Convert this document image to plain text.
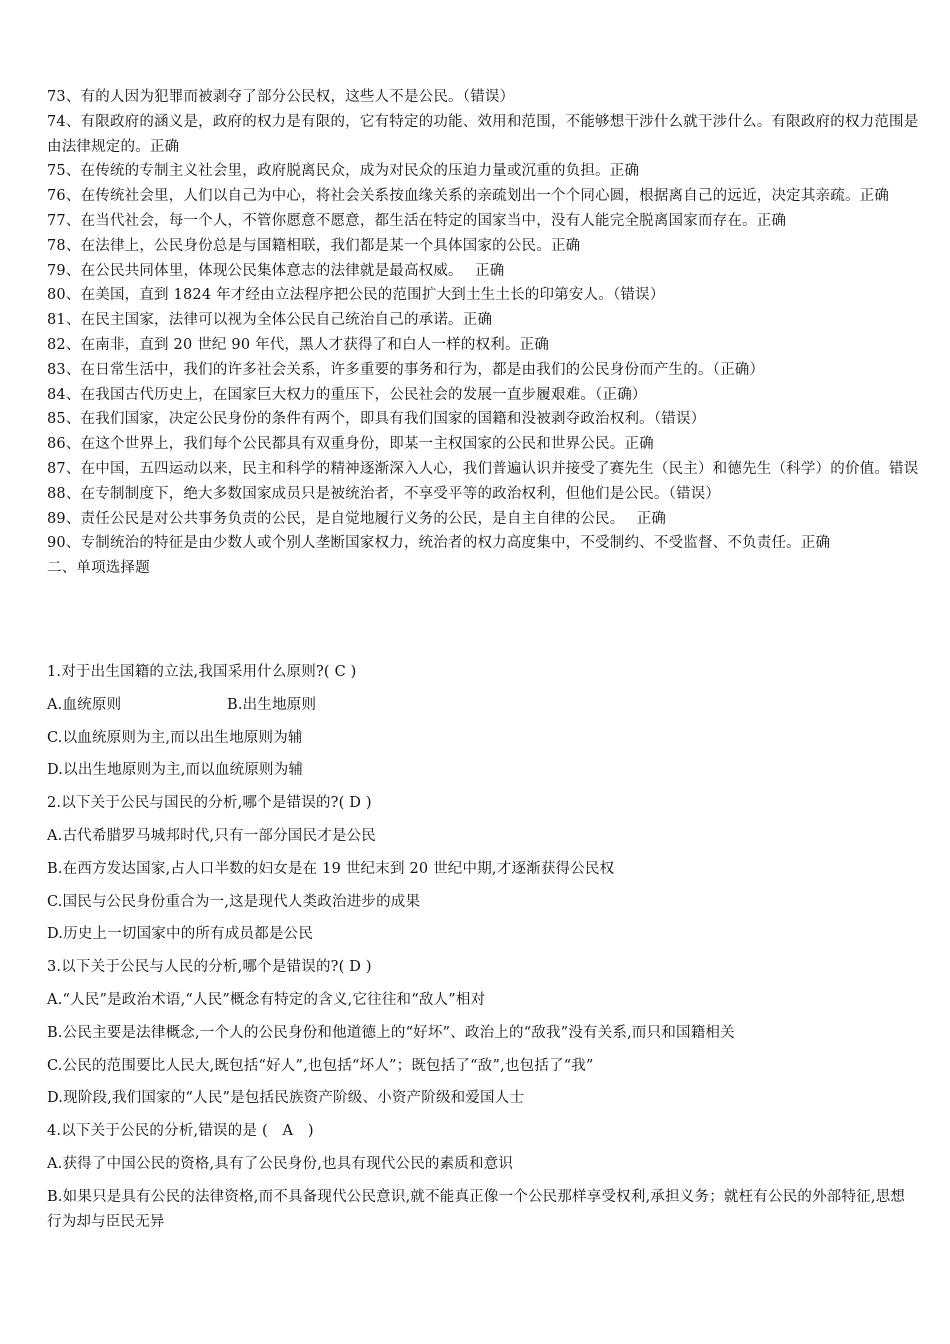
73、有的人因为犯罪而被剥夺了部分公民权，这些人不是公民。（错误）

74、有限政府的涵义是，政府的权力是有限的，它有特定的功能、效用和范围，不能够想干涉什么就干涉什么。有限政府的权力范围是由法律规定的。正确

75、在传统的专制主义社会里，政府脱离民众，成为对民众的压迫力量或沉重的负担。正确

76、在传统社会里，人们以自己为中心，将社会关系按血缘关系的亲疏划出一个个同心圆，根据离自己的远近，决定其亲疏。正确

77、在当代社会，每一个人，不管你愿意不愿意，都生活在特定的国家当中，没有人能完全脱离国家而存在。正确

78、在法律上，公民身份总是与国籍相联，我们都是某一个具体国家的公民。正确

79、在公民共同体里，体现公民集体意志的法律就是最高权威。　 正确

80、在美国，直到 1824 年才经由立法程序把公民的范围扩大到土生土长的印第安人。（错误）

81、在民主国家，法律可以视为全体公民自己统治自己的承诺。正确

82、在南非，直到 20 世纪 90 年代，黑人才获得了和白人一样的权利。正确

83、在日常生活中，我们的许多社会关系，许多重要的事务和行为，都是由我们的公民身份而产生的。（正确）

84、在我国古代历史上，在国家巨大权力的重压下，公民社会的发展一直步履艰难。（正确）

85、在我们国家，决定公民身份的条件有两个，即具有我们国家的国籍和没被剥夺政治权利。（错误）

86、在这个世界上，我们每个公民都具有双重身份，即某一主权国家的公民和世界公民。正确

87、在中国，五四运动以来，民主和科学的精神逐渐深入人心，我们普遍认识并接受了赛先生（民主）和德先生（科学）的价值。错误

88、在专制制度下，绝大多数国家成员只是被统治者，不享受平等的政治权利，但他们是公民。（错误）

89、责任公民是对公共事务负责的公民，是自觉地履行义务的公民，是自主自律的公民。　 正确

90、专制统治的特征是由少数人或个别人垄断国家权力，统治者的权力高度集中，不受制约、不受监督、不负责任。正确

二、单项选择题

1.对于出生国籍的立法,我国采用什么原则?( C )

A.血统原则	B.出生地原则

C.以血统原则为主,而以出生地原则为辅

D.以出生地原则为主,而以血统原则为辅

2.以下关于公民与国民的分析,哪个是错误的?( D )

A.古代希腊罗马城邦时代,只有一部分国民才是公民

B.在西方发达国家,占人口半数的妇女是在 19 世纪末到 20 世纪中期,才逐渐获得公民权

C.国民与公民身份重合为一,这是现代人类政治进步的成果

D.历史上一切国家中的所有成员都是公民

3.以下关于公民与人民的分析,哪个是错误的?( D )

A.“人民”是政治术语,“人民”概念有特定的含义,它往往和“敌人”相对

B.公民主要是法律概念,一个人的公民身份和他道德上的“好坏”、政治上的“敌我”没有关系,而只和国籍相关

C.公民的范围要比人民大,既包括“好人”,也包括“坏人”；既包括了“敌”,也包括了“我”

D.现阶段,我们国家的“人民”是包括民族资产阶级、小资产阶级和爱国人士

4.以下关于公民的分析,错误的是 (　A　)

A.获得了中国公民的资格,具有了公民身份,也具有现代公民的素质和意识

B.如果只是具有公民的法律资格,而不具备现代公民意识,就不能真正像一个公民那样享受权利,承担义务；就枉有公民的外部特征,思想行为却与臣民无异
